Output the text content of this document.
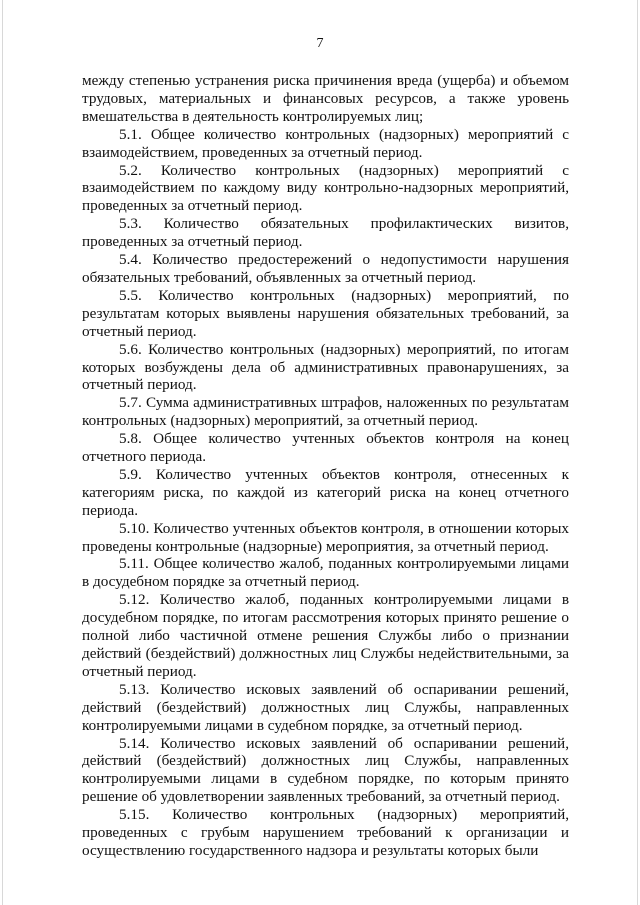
7

между степенью устранения риска причинения вреда (ущерба) и объемом трудовых, материальных и финансовых ресурсов, а также уровень вмешательства в деятельность контролируемых лиц;

5.1. Общее количество контрольных (надзорных) мероприятий с взаимодействием, проведенных за отчетный период.

5.2. Количество контрольных (надзорных) мероприятий с взаимодействием по каждому виду контрольно-надзорных мероприятий, проведенных за отчетный период.

5.3. Количество обязательных профилактических визитов, проведенных за отчетный период.

5.4. Количество предостережений о недопустимости нарушения обязательных требований, объявленных за отчетный период.

5.5. Количество контрольных (надзорных) мероприятий, по результатам которых выявлены нарушения обязательных требований, за отчетный период.

5.6. Количество контрольных (надзорных) мероприятий, по итогам которых возбуждены дела об административных правонарушениях, за отчетный период.

5.7. Сумма административных штрафов, наложенных по результатам контрольных (надзорных) мероприятий, за отчетный период.

5.8. Общее количество учтенных объектов контроля на конец отчетного периода.

5.9. Количество учтенных объектов контроля, отнесенных к категориям риска, по каждой из категорий риска на конец отчетного периода.

5.10. Количество учтенных объектов контроля, в отношении которых проведены контрольные (надзорные) мероприятия, за отчетный период.

5.11. Общее количество жалоб, поданных контролируемыми лицами в досудебном порядке за отчетный период.

5.12. Количество жалоб, поданных контролируемыми лицами в досудебном порядке, по итогам рассмотрения которых принято решение о полной либо частичной отмене решения Службы либо о признании действий (бездействий) должностных лиц Службы недействительными, за отчетный период.

5.13. Количество исковых заявлений об оспаривании решений, действий (бездействий) должностных лиц Службы, направленных контролируемыми лицами в судебном порядке, за отчетный период.

5.14. Количество исковых заявлений об оспаривании решений, действий (бездействий) должностных лиц Службы, направленных контролируемыми лицами в судебном порядке, по которым принято решение об удовлетворении заявленных требований, за отчетный период.

5.15. Количество контрольных (надзорных) мероприятий, проведенных с грубым нарушением требований к организации и осуществлению государственного надзора и результаты которых были
